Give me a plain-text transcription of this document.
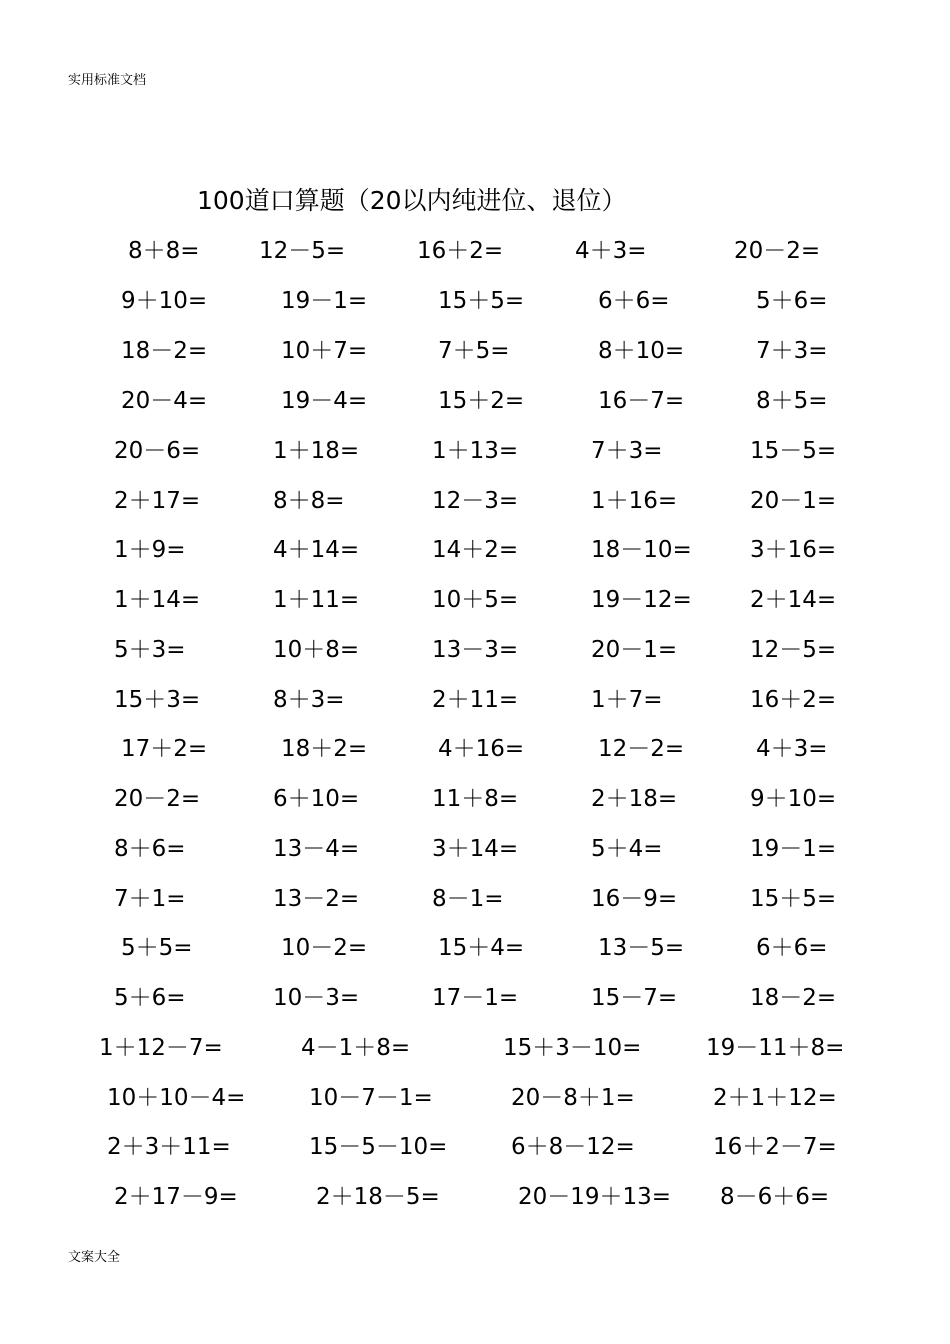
实用标准文档
100道口算题（20以内纯进位、退位）
8＋8=	12－5=	16＋2=	4＋3=	20－2=
9＋10=	19－1=	15＋5=	6＋6=	5＋6=
18－2=	10＋7=	7＋5=	8＋10=	7＋3=
20－4=	19－4=	15＋2=	16－7=	8＋5=
20－6=	1＋18=	1＋13=	7＋3=	15－5=
2＋17=	8＋8=	12－3=	1＋16=	20－1=
1＋9=	4＋14=	14＋2=	18－10=	3＋16=
1＋14=	1＋11=	10＋5=	19－12=	2＋14=
5＋3=	10＋8=	13－3=	20－1=	12－5=
15＋3=	8＋3=	2＋11=	1＋7=	16＋2=
17＋2=	18＋2=	4＋16=	12－2=	4＋3=
20－2=	6＋10=	11＋8=	2＋18=	9＋10=
8＋6=	13－4=	3＋14=	5＋4=	19－1=
7＋1=	13－2=	8－1=	16－9=	15＋5=
5＋5=	10－2=	15＋4=	13－5=	6＋6=
5＋6=	10－3=	17－1=	15－7=	18－2=
1＋12－7=	4－1＋8=	15＋3－10=	19－11＋8=
10＋10－4=	10－7－1=	20－8＋1=	2＋1＋12=
2＋3＋11=	15－5－10=	6＋8－12=	16＋2－7=
2＋17－9=	2＋18－5=	20－19＋13= 8－6＋6=
文案大全
